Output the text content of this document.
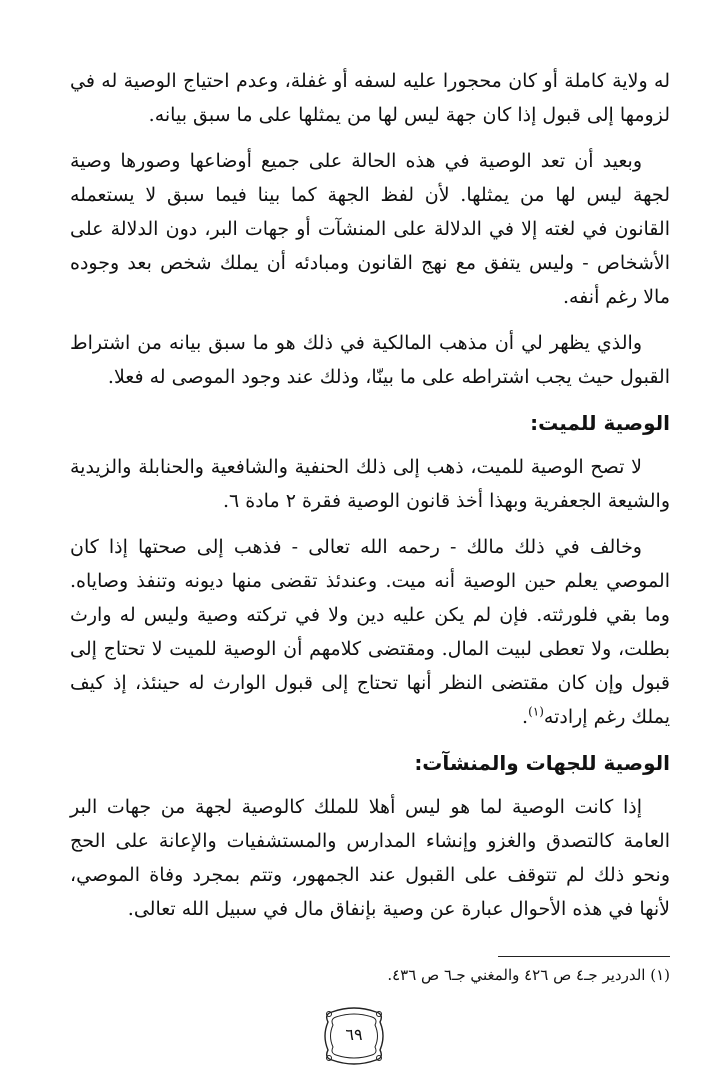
له ولاية كاملة أو كان محجورا عليه لسفه أو غفلة، وعدم احتياج الوصية له في لزومها إلى قبول إذا كان جهة ليس لها من يمثلها على ما سبق بيانه.

وبعيد أن تعد الوصية في هذه الحالة على جميع أوضاعها وصورها وصية لجهة ليس لها من يمثلها. لأن لفظ الجهة كما بينا فيما سبق لا يستعمله القانون في لغته إلا في الدلالة على المنشآت أو جهات البر، دون الدلالة على الأشخاص - وليس يتفق مع نهج القانون ومبادئه أن يملك شخص بعد وجوده مالا رغم أنفه.

والذي يظهر لي أن مذهب المالكية في ذلك هو ما سبق بيانه من اشتراط القبول حيث يجب اشتراطه على ما بينّا، وذلك عند وجود الموصى له فعلا.

الوصية للميت:

لا تصح الوصية للميت، ذهب إلى ذلك الحنفية والشافعية والحنابلة والزيدية والشيعة الجعفرية وبهذا أخذ قانون الوصية فقرة ٢ مادة ٦.

وخالف في ذلك مالك - رحمه الله تعالى - فذهب إلى صحتها إذا كان الموصي يعلم حين الوصية أنه ميت. وعندئذ تقضى منها ديونه وتنفذ وصاياه. وما بقي فلورثته. فإن لم يكن عليه دين ولا في تركته وصية وليس له وارث بطلت، ولا تعطى لبيت المال. ومقتضى كلامهم أن الوصية للميت لا تحتاج إلى قبول وإن كان مقتضى النظر أنها تحتاج إلى قبول الوارث له حينئذ، إذ كيف يملك رغم إرادته$^{(١)}$.

الوصية للجهات والمنشآت:

إذا كانت الوصية لما هو ليس أهلا للملك كالوصية لجهة من جهات البر العامة كالتصدق والغزو وإنشاء المدارس والمستشفيات والإعانة على الحج ونحو ذلك لم تتوقف على القبول عند الجمهور، وتتم بمجرد وفاة الموصي، لأنها في هذه الأحوال عبارة عن وصية بإنفاق مال في سبيل الله تعالى.

(١) الدردير جـ٤ ص ٤٢٦ والمغني جـ٦ ص ٤٣٦.
٦٩
